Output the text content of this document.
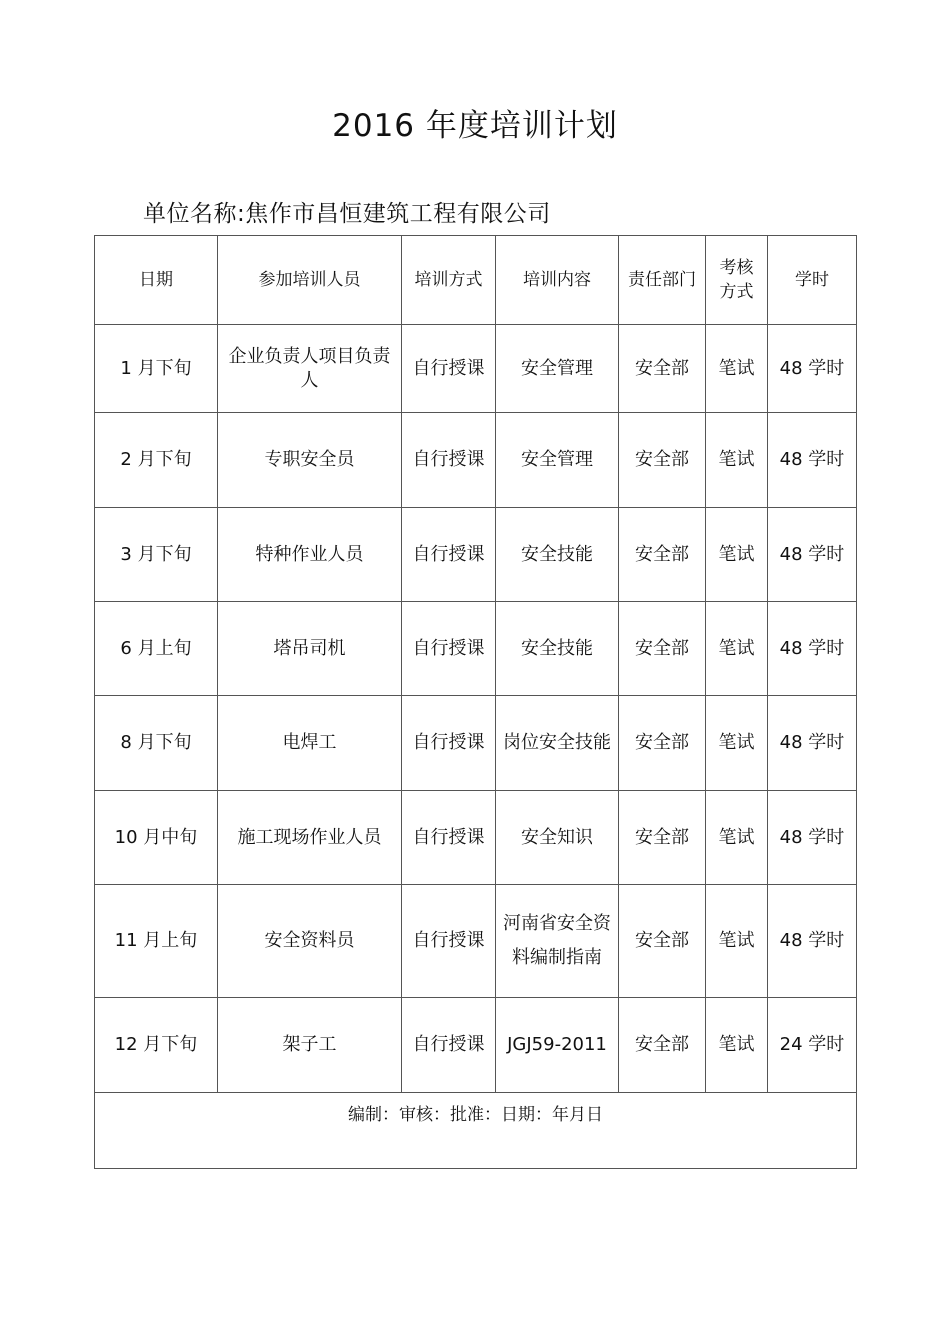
2016 年度培训计划
单位名称:焦作市昌恒建筑工程有限公司
日期	参加培训人员	培训方式	培训内容	责任部门	考核方式	学时
1 月下旬	企业负责人项目负责人	自行授课	安全管理	安全部	笔试	48 学时
2 月下旬	专职安全员	自行授课	安全管理	安全部	笔试	48 学时
3 月下旬	特种作业人员	自行授课	安全技能	安全部	笔试	48 学时
6 月上旬	塔吊司机	自行授课	安全技能	安全部	笔试	48 学时
8 月下旬	电焊工	自行授课	岗位安全技能	安全部	笔试	48 学时
10 月中旬	施工现场作业人员	自行授课	安全知识	安全部	笔试	48 学时
11 月上旬	安全资料员	自行授课	河南省安全资料编制指南	安全部	笔试	48 学时
12 月下旬	架子工	自行授课	JGJ59-2011	安全部	笔试	24 学时
编制：审核：批准：日期：年月日						
